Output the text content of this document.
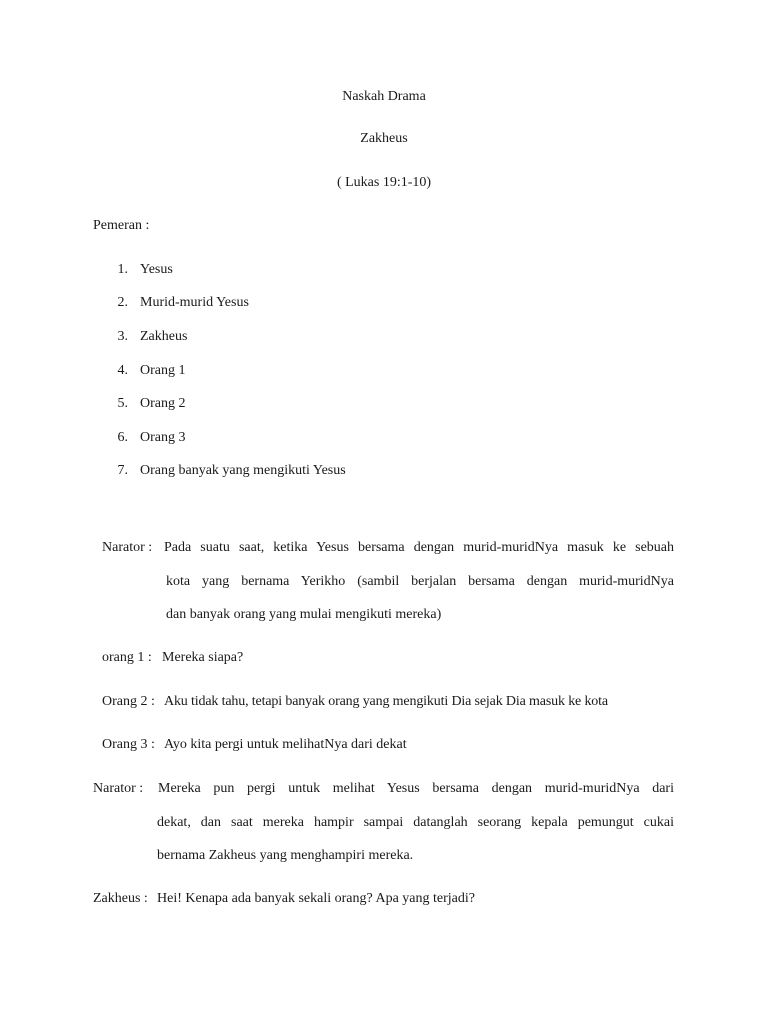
Naskah Drama
Zakheus
( Lukas 19:1-10)
Pemeran :
1. Yesus
2. Murid-murid Yesus
3. Zakheus
4. Orang 1
5. Orang 2
6. Orang 3
7. Orang banyak yang mengikuti Yesus
Narator : Pada suatu saat, ketika Yesus bersama dengan murid-muridNya masuk ke sebuah
kota yang bernama Yerikho (sambil berjalan bersama dengan murid-muridNya
dan banyak orang yang mulai mengikuti mereka)
orang 1 : Mereka siapa?
Orang 2 : Aku tidak tahu, tetapi banyak orang yang mengikuti Dia sejak Dia masuk ke kota
Orang 3 : Ayo kita pergi untuk melihatNya dari dekat
Narator : Mereka pun pergi untuk melihat Yesus bersama dengan murid-muridNya dari
dekat, dan saat mereka hampir sampai datanglah seorang kepala pemungut cukai
bernama Zakheus yang menghampiri mereka.
Zakheus : Hei! Kenapa ada banyak sekali orang? Apa yang terjadi?
